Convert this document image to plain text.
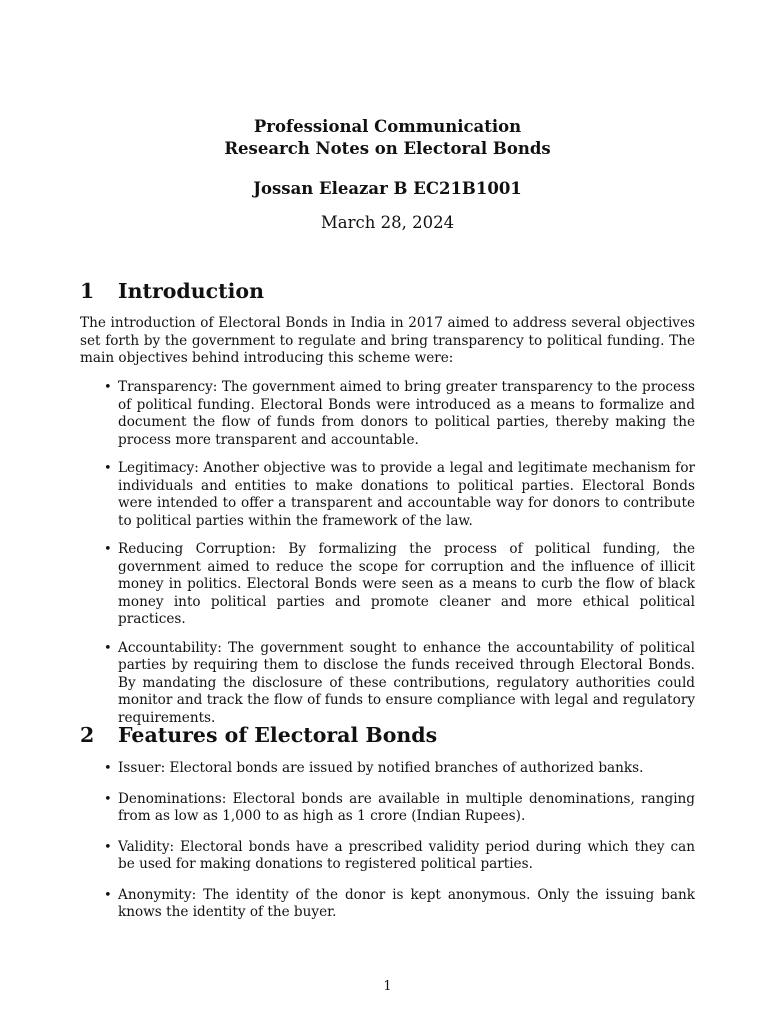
Professional Communication

Research Notes on Electoral Bonds

Jossan Eleazar B EC21B1001

March 28, 2024

1 Introduction

The introduction of Electoral Bonds in India in 2017 aimed to address several objectives set forth by the government to regulate and bring transparency to political funding. The main objectives behind introducing this scheme were:

• Transparency: The government aimed to bring greater transparency to the process of political funding. Electoral Bonds were introduced as a means to formalize and document the flow of funds from donors to political parties, thereby making the process more transparent and accountable.
• Legitimacy: Another objective was to provide a legal and legitimate mechanism for individuals and entities to make donations to political parties. Electoral Bonds were intended to offer a transparent and accountable way for donors to contribute to political parties within the framework of the law.
• Reducing Corruption: By formalizing the process of political funding, the government aimed to reduce the scope for corruption and the influence of illicit money in politics. Electoral Bonds were seen as a means to curb the flow of black money into political parties and promote cleaner and more ethical political practices.
• Accountability: The government sought to enhance the accountability of political parties by requiring them to disclose the funds received through Electoral Bonds. By mandating the disclosure of these contributions, regulatory authorities could monitor and track the flow of funds to ensure compliance with legal and regulatory requirements.
2 Features of Electoral Bonds
• Issuer: Electoral bonds are issued by notified branches of authorized banks.
• Denominations: Electoral bonds are available in multiple denominations, ranging from as low as 1,000 to as high as 1 crore (Indian Rupees).
• Validity: Electoral bonds have a prescribed validity period during which they can be used for making donations to registered political parties.
• Anonymity: The identity of the donor is kept anonymous. Only the issuing bank knows the identity of the buyer.
1
